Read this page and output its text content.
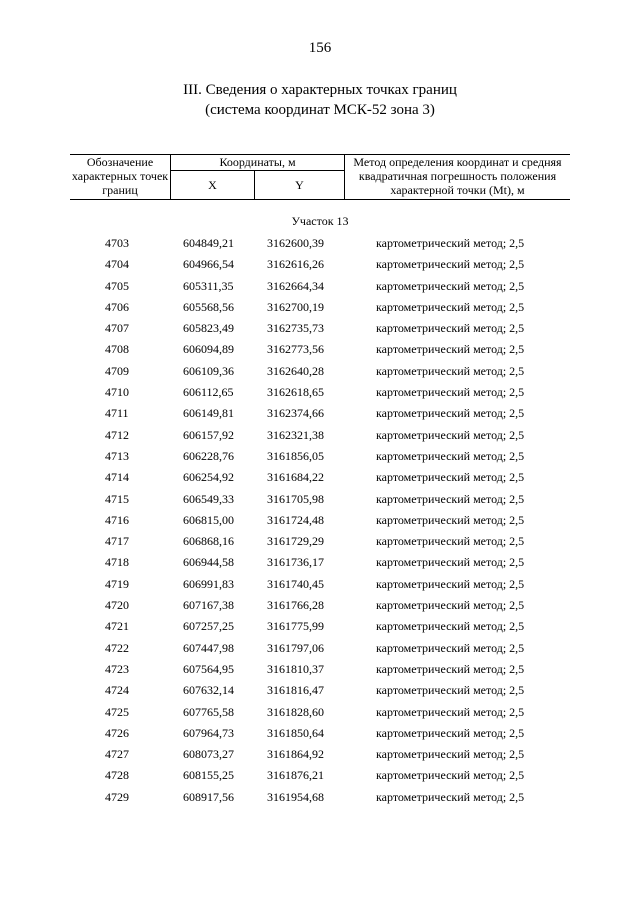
156
III. Сведения о характерных точках границ
(система координат МСК-52 зона 3)
Обозначение характерных точек границ
Координаты, м
X	Y
Метод определения координат и средняя квадратичная погрешность положения характерной точки (Mt), м
Участок 13
4703	604849,21	3162600,39	картометрический метод; 2,5
4704	604966,54	3162616,26	картометрический метод; 2,5
4705	605311,35	3162664,34	картометрический метод; 2,5
4706	605568,56	3162700,19	картометрический метод; 2,5
4707	605823,49	3162735,73	картометрический метод; 2,5
4708	606094,89	3162773,56	картометрический метод; 2,5
4709	606109,36	3162640,28	картометрический метод; 2,5
4710	606112,65	3162618,65	картометрический метод; 2,5
4711	606149,81	3162374,66	картометрический метод; 2,5
4712	606157,92	3162321,38	картометрический метод; 2,5
4713	606228,76	3161856,05	картометрический метод; 2,5
4714	606254,92	3161684,22	картометрический метод; 2,5
4715	606549,33	3161705,98	картометрический метод; 2,5
4716	606815,00	3161724,48	картометрический метод; 2,5
4717	606868,16	3161729,29	картометрический метод; 2,5
4718	606944,58	3161736,17	картометрический метод; 2,5
4719	606991,83	3161740,45	картометрический метод; 2,5
4720	607167,38	3161766,28	картометрический метод; 2,5
4721	607257,25	3161775,99	картометрический метод; 2,5
4722	607447,98	3161797,06	картометрический метод; 2,5
4723	607564,95	3161810,37	картометрический метод; 2,5
4724	607632,14	3161816,47	картометрический метод; 2,5
4725	607765,58	3161828,60	картометрический метод; 2,5
4726	607964,73	3161850,64	картометрический метод; 2,5
4727	608073,27	3161864,92	картометрический метод; 2,5
4728	608155,25	3161876,21	картометрический метод; 2,5
4729	608917,56	3161954,68	картометрический метод; 2,5
